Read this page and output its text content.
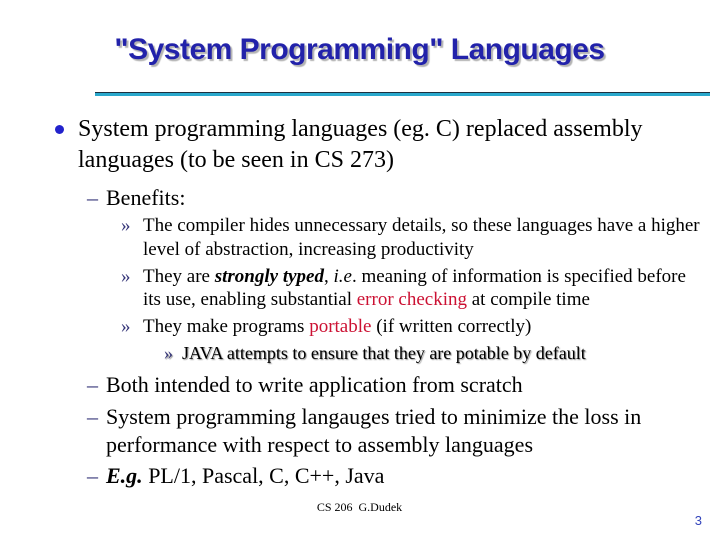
"System Programming" Languages
System programming languages (eg. C) replaced assembly languages (to be seen in CS 273)
– Benefits:
» The compiler hides unnecessary details, so these languages have a higher level of abstraction, increasing productivity
» They are strongly typed, i.e. meaning of information is specified before its use, enabling substantial error checking at compile time
» They make programs portable (if written correctly)
» JAVA attempts to ensure that they are potable by default
– Both intended to write application from scratch
– System programming langauges tried to minimize the loss in performance with respect to assembly languages
– E.g. PL/1, Pascal, C, C++, Java
CS 206  G.Dudek
3
